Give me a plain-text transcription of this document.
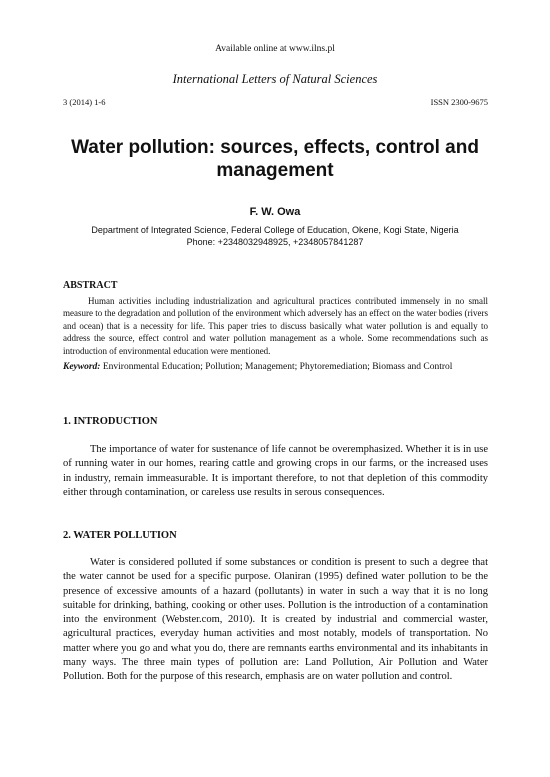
Available online at www.ilns.pl
International Letters of Natural Sciences
3 (2014) 1-6	ISSN 2300-9675
Water pollution: sources, effects, control and management
F. W. Owa
Department of Integrated Science, Federal College of Education, Okene, Kogi State, Nigeria
Phone: +2348032948925, +2348057841287
ABSTRACT

Human activities including industrialization and agricultural practices contributed immensely in no small measure to the degradation and pollution of the environment which adversely has an effect on the water bodies (rivers and ocean) that is a necessity for life. This paper tries to discuss basically what water pollution is and equally to address the source, effect control and water pollution management as a whole. Some recommendations such as introduction of environmental education were mentioned.

Keyword: Environmental Education; Pollution; Management; Phytoremediation; Biomass and Control
1. INTRODUCTION

The importance of water for sustenance of life cannot be overemphasized. Whether it is in use of running water in our homes, rearing cattle and growing crops in our farms, or the increased uses in industry, remain immeasurable. It is important therefore, to not that depletion of this commodity either through contamination, or careless use results in serous consequences.

2. WATER POLLUTION

Water is considered polluted if some substances or condition is present to such a degree that the water cannot be used for a specific purpose. Olaniran (1995) defined water pollution to be the presence of excessive amounts of a hazard (pollutants) in water in such a way that it is no long suitable for drinking, bathing, cooking or other uses. Pollution is the introduction of a contamination into the environment (Webster.com, 2010). It is created by industrial and commercial waster, agricultural practices, everyday human activities and most notably, models of transportation. No matter where you go and what you do, there are remnants earths environmental and its inhabitants in many ways. The three main types of pollution are: Land Pollution, Air Pollution and Water Pollution. Both for the purpose of this research, emphasis are on water pollution and control.
